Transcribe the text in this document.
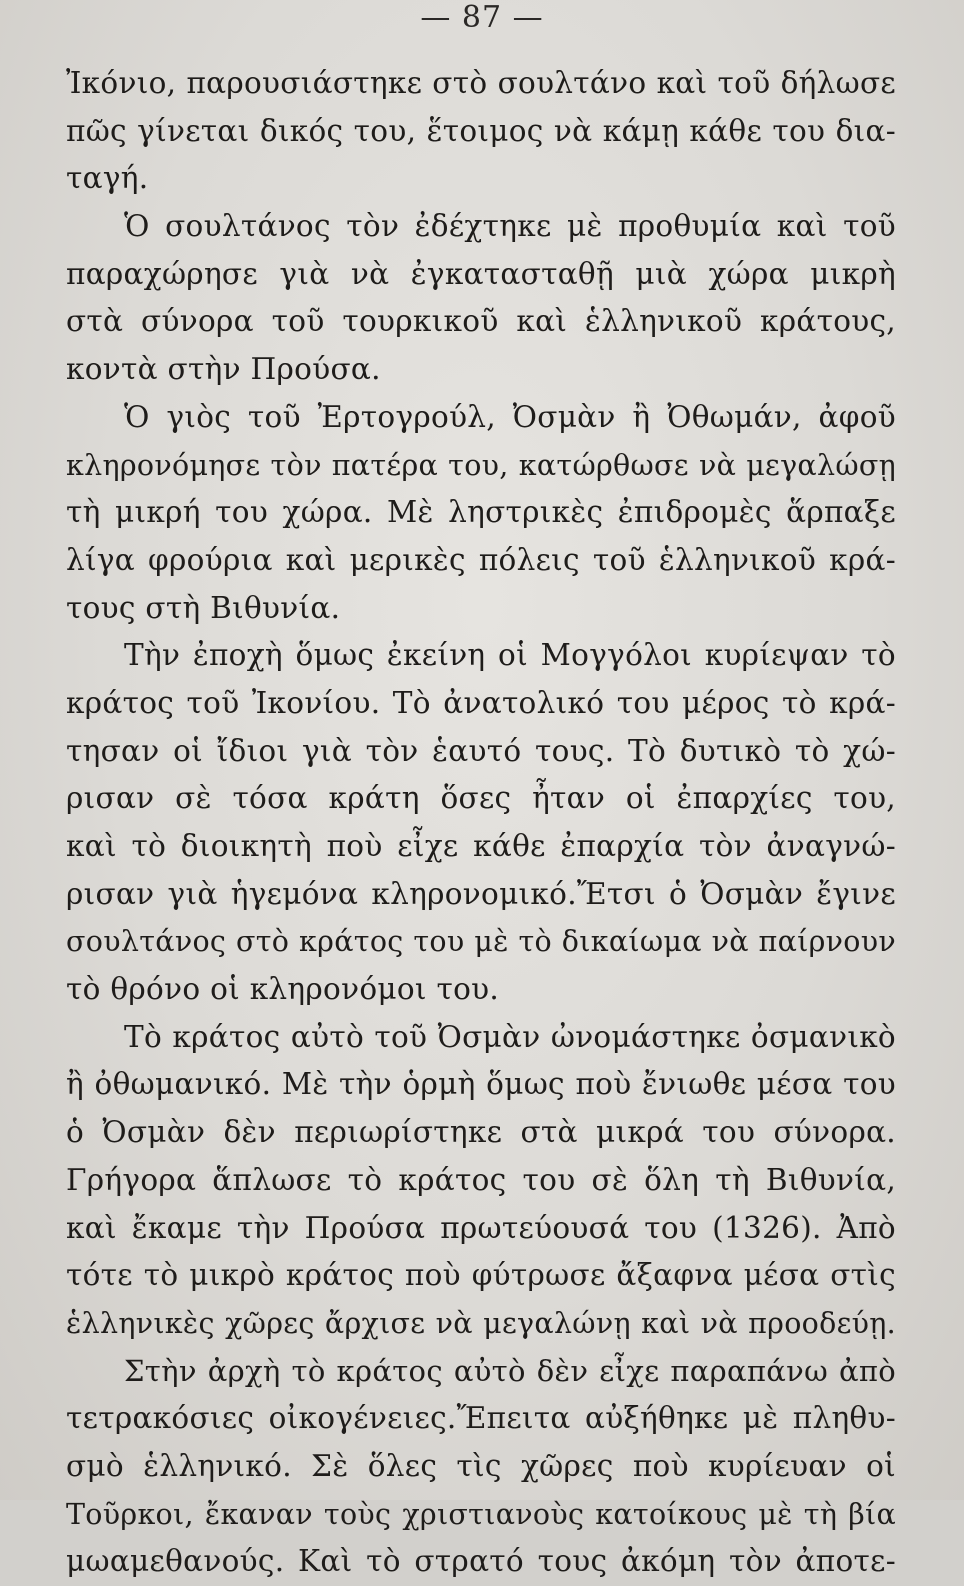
— 87 —
Ἰκόνιο, παρουσιάστηκε στὸ σουλτάνο καὶ τοῦ δήλωσε
πῶς γίνεται δικός του, ἕτοιμος νὰ κάμῃ κάθε του δια-
ταγή.
Ὁ σουλτάνος τὸν ἐδέχτηκε μὲ προθυμία καὶ τοῦ
παραχώρησε γιὰ νὰ ἐγκατασταθῇ μιὰ χώρα μικρὴ
στὰ σύνορα τοῦ τουρκικοῦ καὶ ἑλληνικοῦ κράτους,
κοντὰ στὴν Προύσα.
Ὁ γιὸς τοῦ Ἐρτογρούλ, Ὀσμὰν ἢ Ὀθωμάν, ἀφοῦ
κληρονόμησε τὸν πατέρα του, κατώρθωσε νὰ μεγαλώσῃ
τὴ μικρή του χώρα. Μὲ ληστρικὲς ἐπιδρομὲς ἅρπαξε
λίγα φρούρια καὶ μερικὲς πόλεις τοῦ ἑλληνικοῦ κρά-
τους στὴ Βιθυνία.
Τὴν ἐποχὴ ὅμως ἐκείνη οἱ Μογγόλοι κυρίεψαν τὸ
κράτος τοῦ Ἰκονίου. Τὸ ἀνατολικό του μέρος τὸ κρά-
τησαν οἱ ἴδιοι γιὰ τὸν ἑαυτό τους. Τὸ δυτικὸ τὸ χώ-
ρισαν σὲ τόσα κράτη ὅσες ἦταν οἱ ἐπαρχίες του,
καὶ τὸ διοικητὴ ποὺ εἶχε κάθε ἐπαρχία τὸν ἀναγνώ-
ρισαν γιὰ ἡγεμόνα κληρονομικό.Ἔτσι ὁ Ὀσμὰν ἔγινε
σουλτάνος στὸ κράτος του μὲ τὸ δικαίωμα νὰ παίρνουν
τὸ θρόνο οἱ κληρονόμοι του.
Τὸ κράτος αὐτὸ τοῦ Ὀσμὰν ὠνομάστηκε ὀσμανικὸ
ἢ ὀθωμανικό. Μὲ τὴν ὁρμὴ ὅμως ποὺ ἔνιωθε μέσα του
ὁ Ὀσμὰν δὲν περιωρίστηκε στὰ μικρά του σύνορα.
Γρήγορα ἅπλωσε τὸ κράτος του σὲ ὅλη τὴ Βιθυνία,
καὶ ἔκαμε τὴν Προύσα πρωτεύουσά του (1326). Ἀπὸ
τότε τὸ μικρὸ κράτος ποὺ φύτρωσε ἄξαφνα μέσα στὶς
ἑλληνικὲς χῶρες ἄρχισε νὰ μεγαλώνῃ καὶ νὰ προοδεύῃ.
Στὴν ἀρχὴ τὸ κράτος αὐτὸ δὲν εἶχε παραπάνω ἀπὸ
τετρακόσιες οἰκογένειες.Ἔπειτα αὐξήθηκε μὲ πληθυ-
σμὸ ἑλληνικό. Σὲ ὅλες τὶς χῶρες ποὺ κυρίευαν οἱ
Τοῦρκοι, ἔκαναν τοὺς χριστιανοὺς κατοίκους μὲ τὴ βία
μωαμεθανούς. Καὶ τὸ στρατό τους ἀκόμη τὸν ἀποτε-
